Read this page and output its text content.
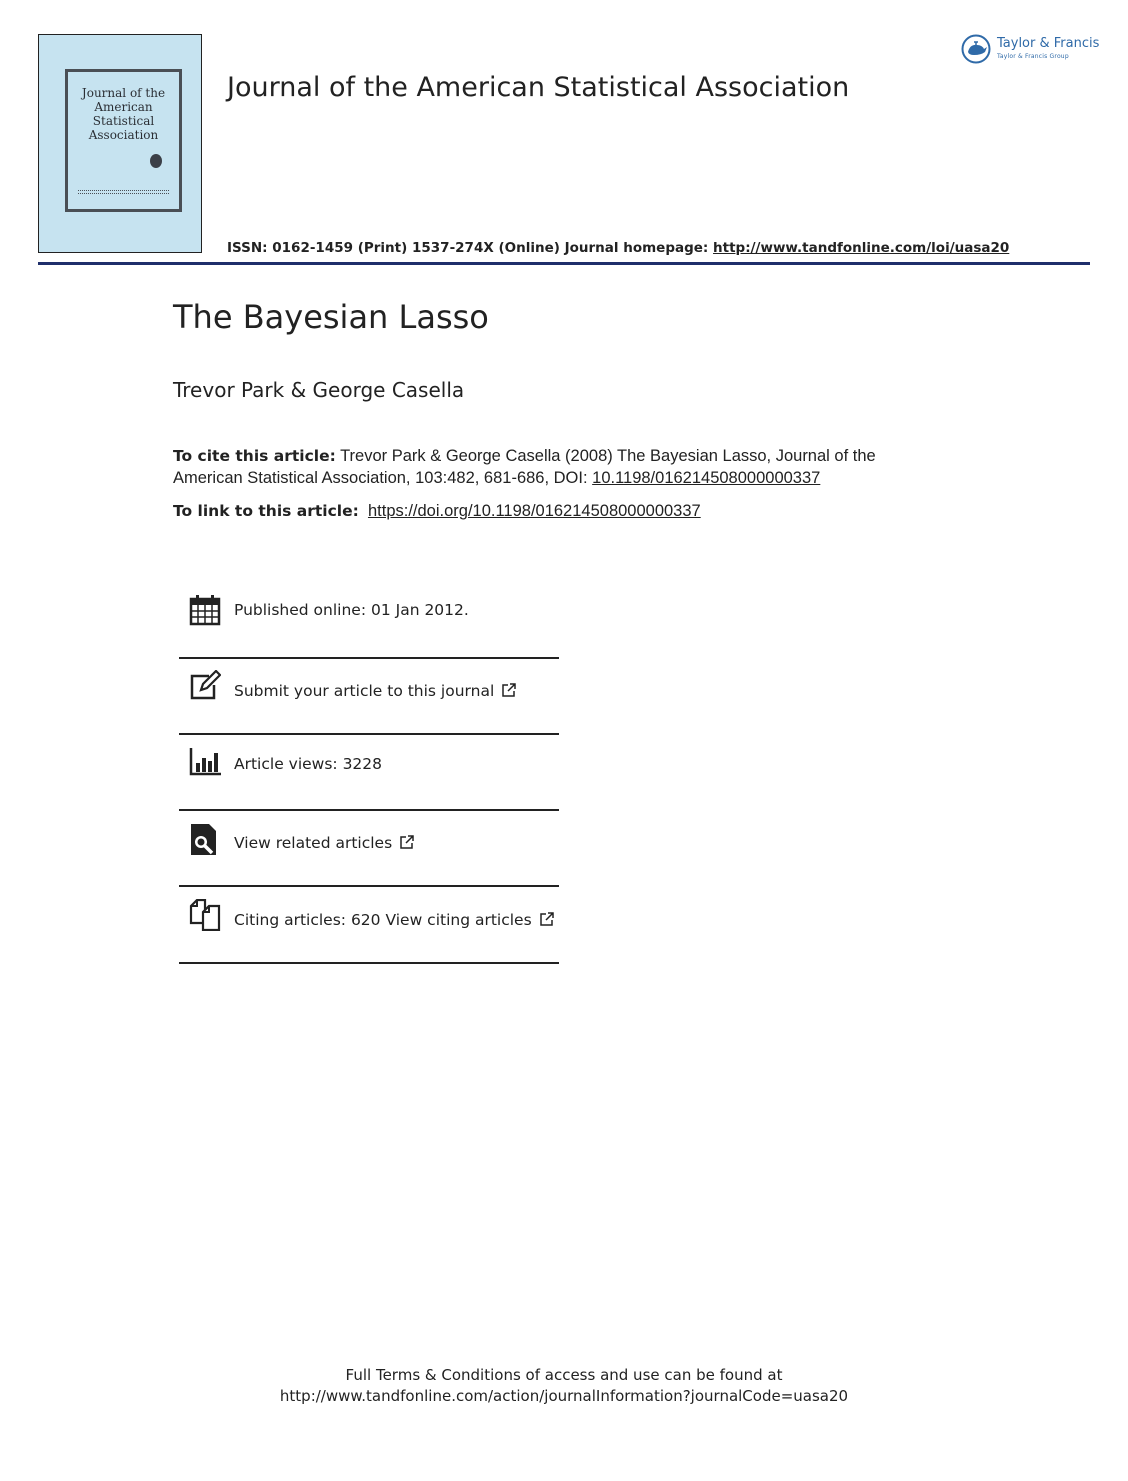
Journal of the
American
Statistical
Association
Journal of the American Statistical Association
Taylor & Francis
Taylor & Francis Group
ISSN: 0162-1459 (Print) 1537-274X (Online) Journal homepage: http://www.tandfonline.com/loi/uasa20
The Bayesian Lasso
Trevor Park & George Casella
To cite this article: Trevor Park & George Casella (2008) The Bayesian Lasso, Journal of the American Statistical Association, 103:482, 681-686, DOI: 10.1198/016214508000000337
To link to this article: https://doi.org/10.1198/016214508000000337
Published online: 01 Jan 2012.
Submit your article to this journal
Article views: 3228
View related articles
Citing articles: 620 View citing articles
Full Terms & Conditions of access and use can be found at
http://www.tandfonline.com/action/journalInformation?journalCode=uasa20
